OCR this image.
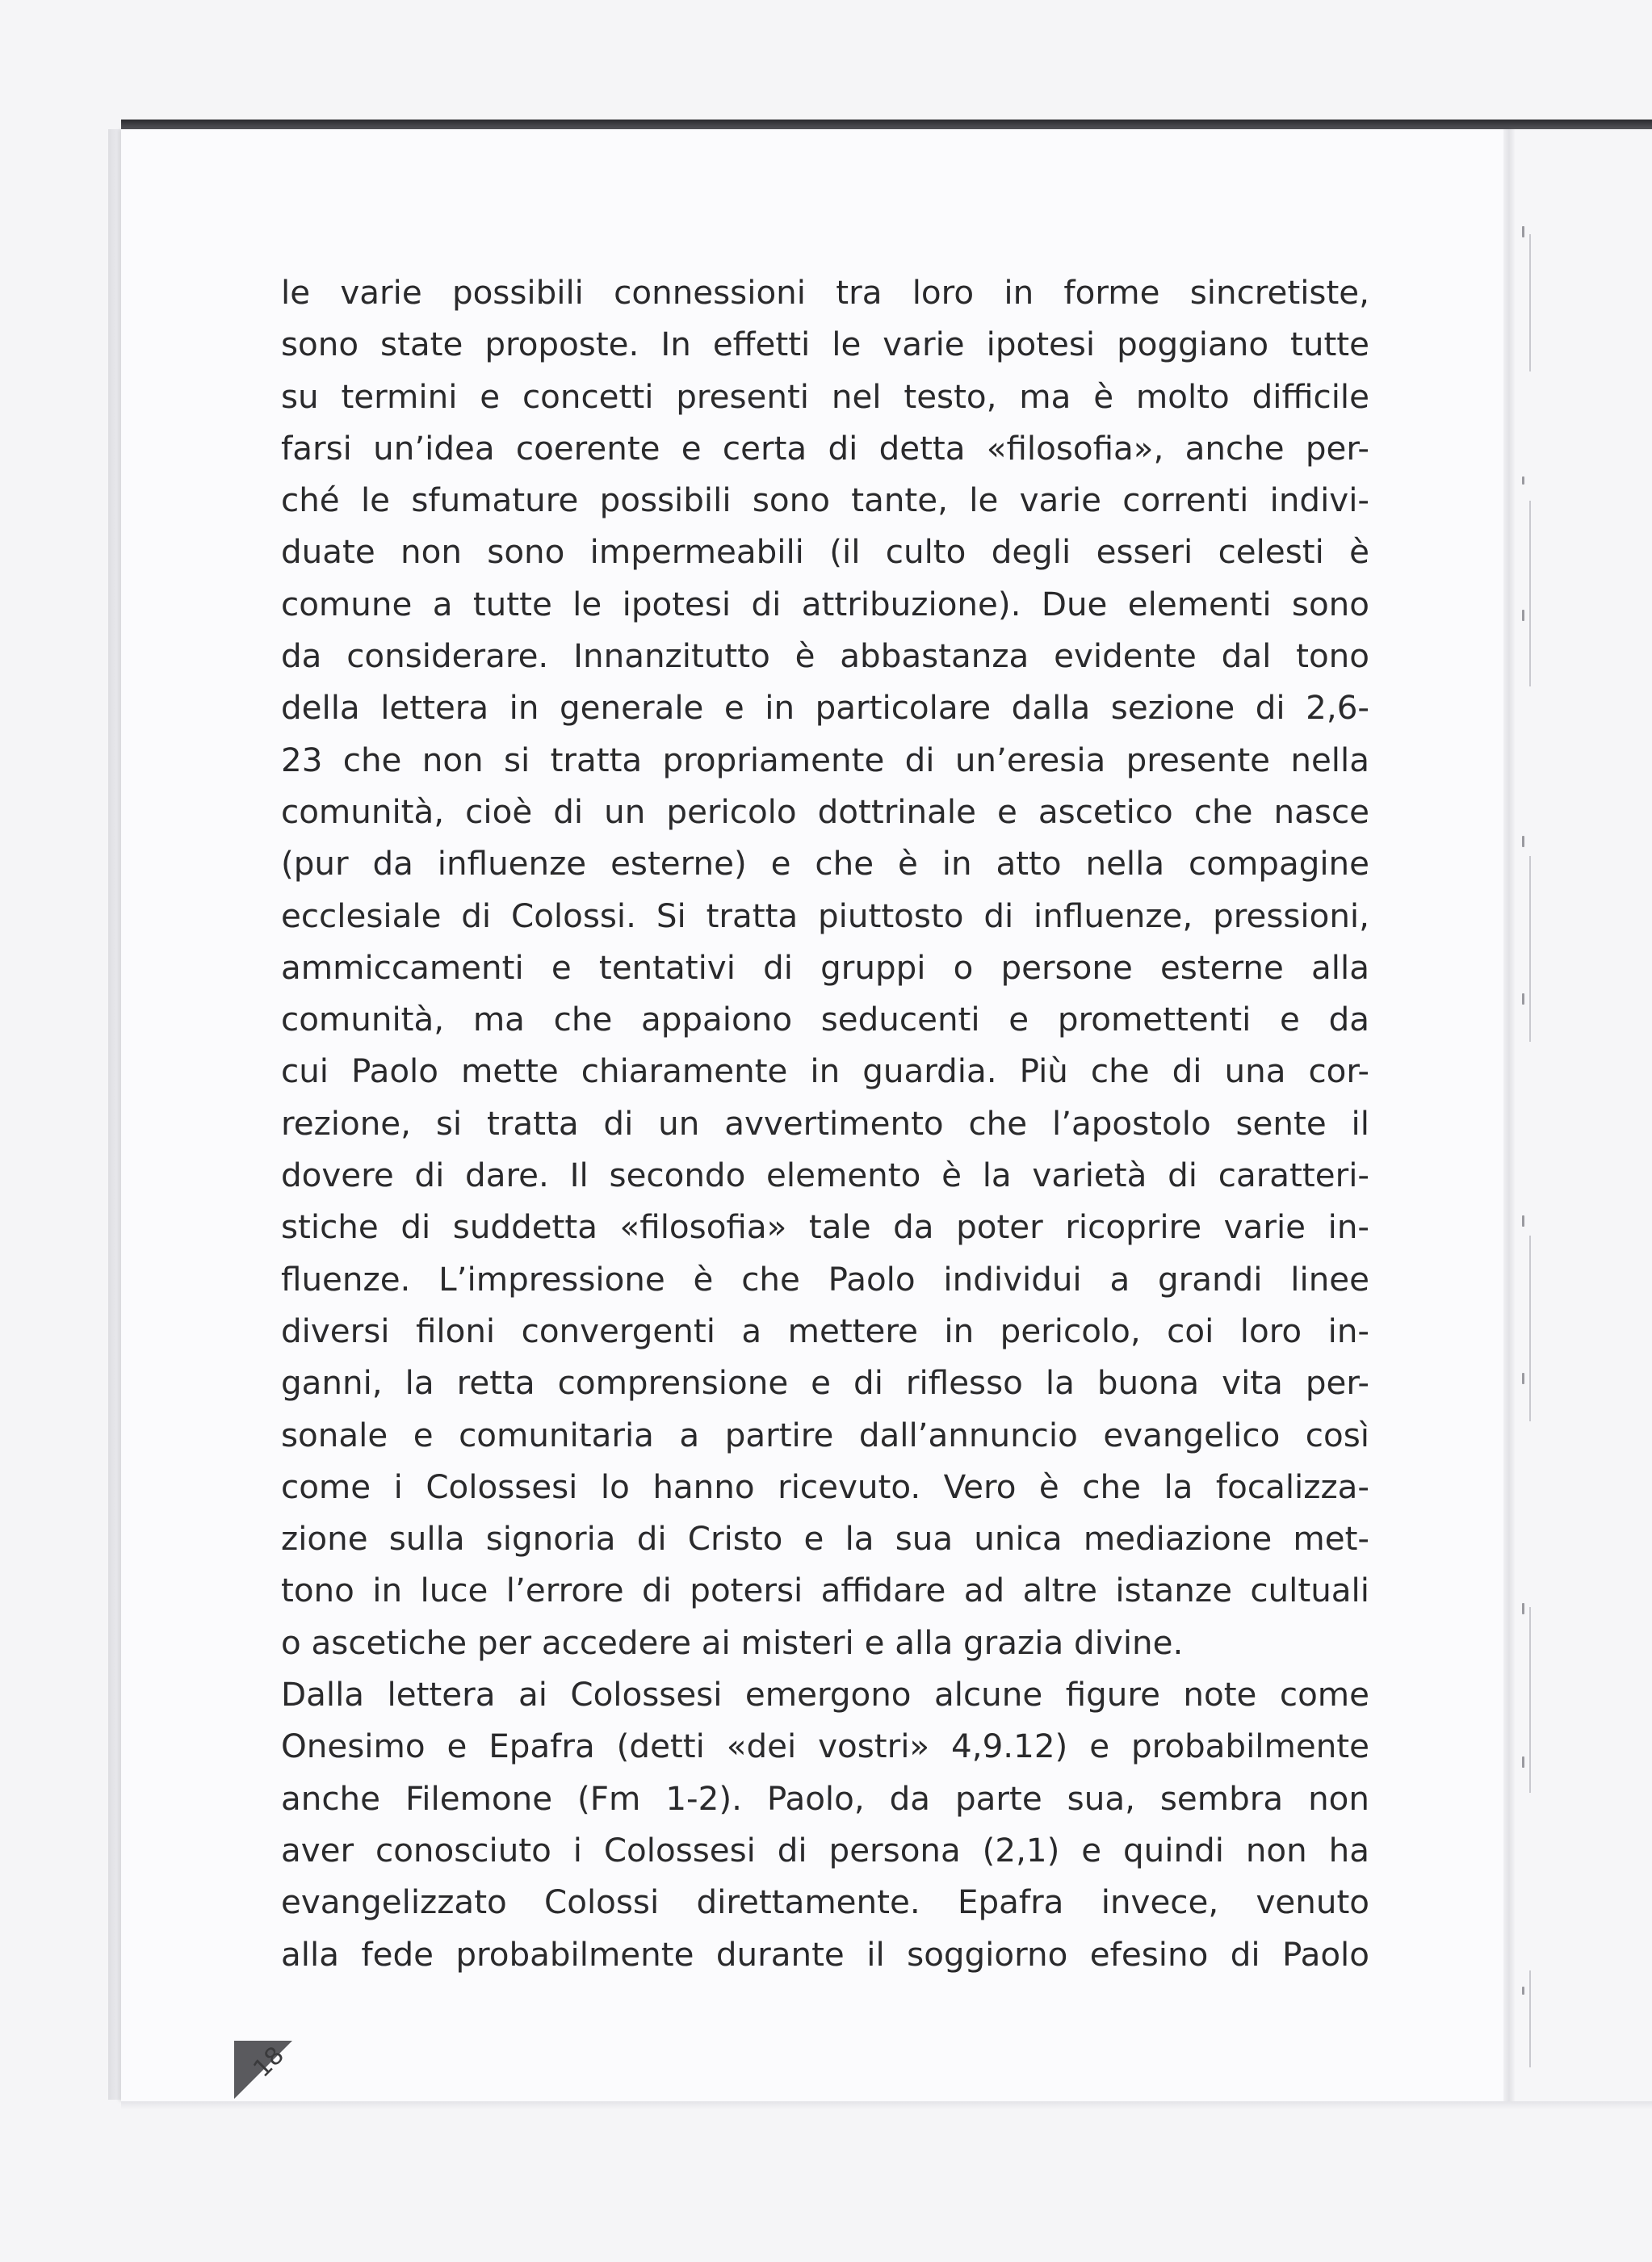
le varie possibili connessioni tra loro in forme sincretiste,
sono state proposte. In effetti le varie ipotesi poggiano tutte
su termini e concetti presenti nel testo, ma è molto difficile
farsi un’idea coerente e certa di detta «filosofia», anche per-
ché le sfumature possibili sono tante, le varie correnti indivi-
duate non sono impermeabili (il culto degli esseri celesti è
comune a tutte le ipotesi di attribuzione). Due elementi sono
da considerare. Innanzitutto è abbastanza evidente dal tono
della lettera in generale e in particolare dalla sezione di 2,6-
23 che non si tratta propriamente di un’eresia presente nella
comunità, cioè di un pericolo dottrinale e ascetico che nasce
(pur da influenze esterne) e che è in atto nella compagine
ecclesiale di Colossi. Si tratta piuttosto di influenze, pressioni,
ammiccamenti e tentativi di gruppi o persone esterne alla
comunità, ma che appaiono seducenti e promettenti e da
cui Paolo mette chiaramente in guardia. Più che di una cor-
rezione, si tratta di un avvertimento che l’apostolo sente il
dovere di dare. Il secondo elemento è la varietà di caratteri-
stiche di suddetta «filosofia» tale da poter ricoprire varie in-
fluenze. L’impressione è che Paolo individui a grandi linee
diversi filoni convergenti a mettere in pericolo, coi loro in-
ganni, la retta comprensione e di riflesso la buona vita per-
sonale e comunitaria a partire dall’annuncio evangelico così
come i Colossesi lo hanno ricevuto. Vero è che la focalizza-
zione sulla signoria di Cristo e la sua unica mediazione met-
tono in luce l’errore di potersi affidare ad altre istanze cultuali
o ascetiche per accedere ai misteri e alla grazia divine.
Dalla lettera ai Colossesi emergono alcune figure note come
Onesimo e Epafra (detti «dei vostri» 4,9.12) e probabilmente
anche Filemone (Fm 1-2). Paolo, da parte sua, sembra non
aver conosciuto i Colossesi di persona (2,1) e quindi non ha
evangelizzato Colossi direttamente. Epafra invece, venuto
alla fede probabilmente durante il soggiorno efesino di Paolo
18
